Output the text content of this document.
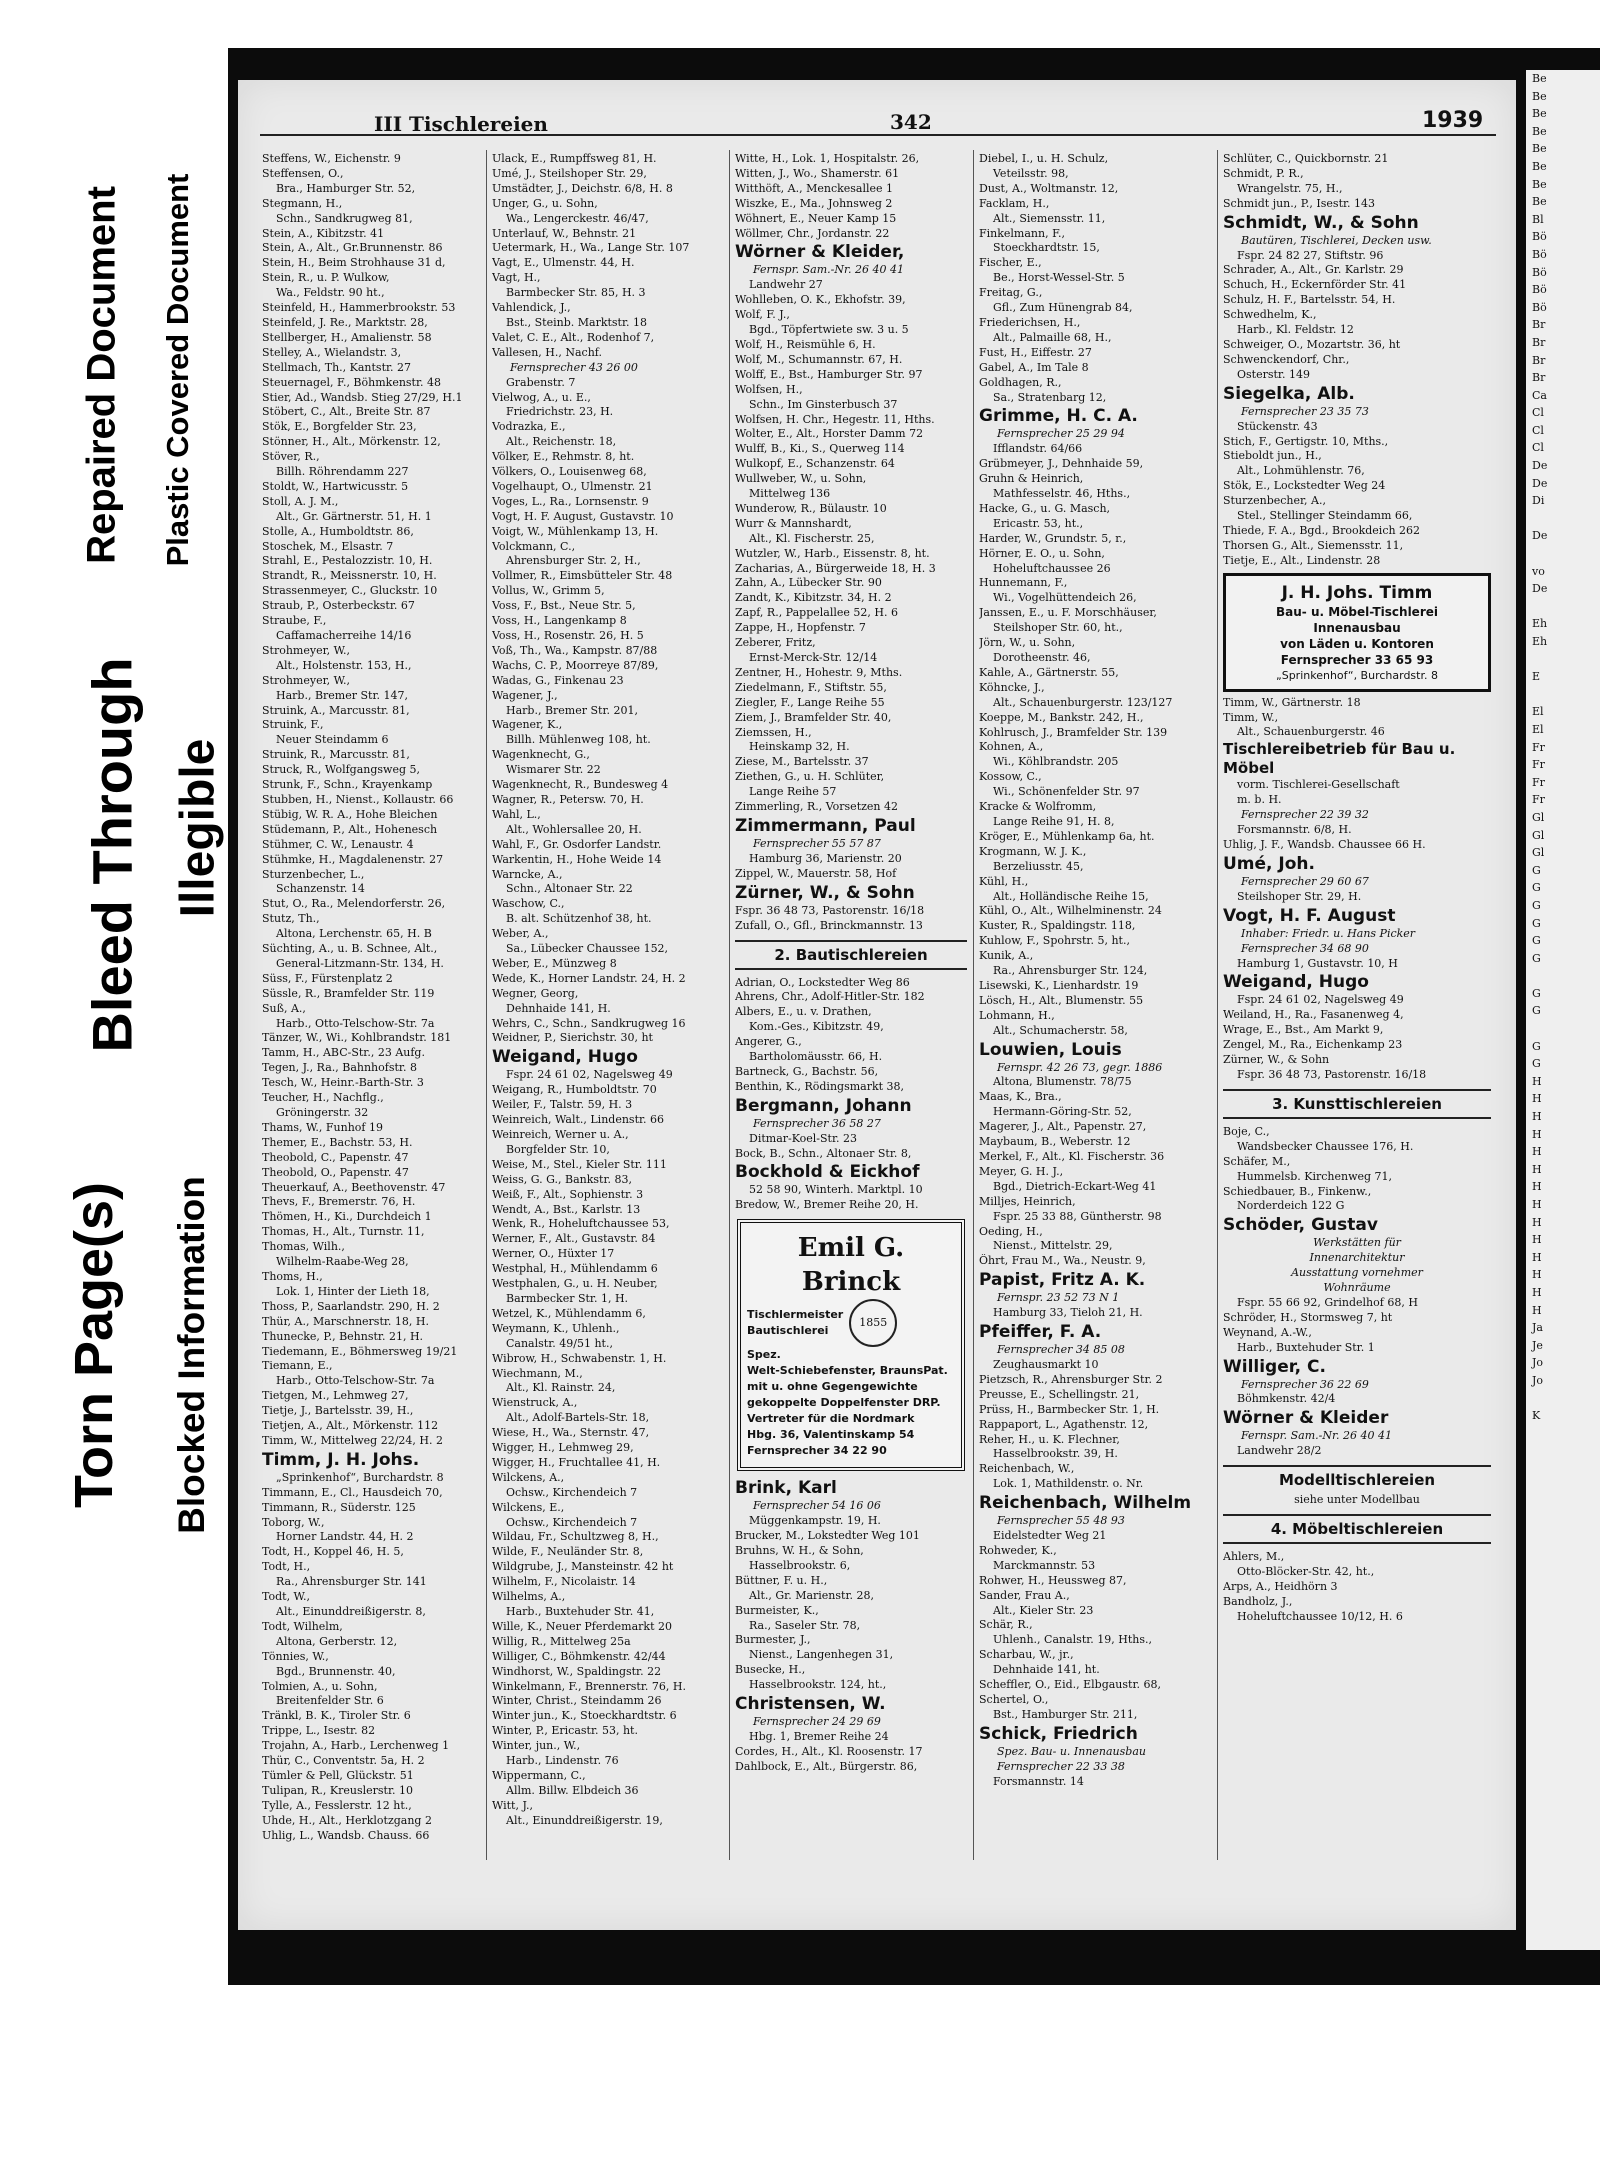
Repaired Document Plastic Covered Document
Bleed Through Illegible
Torn Page(s) Blocked Information
III Tischlereien	342	1939
Steffens, W., Eichenstr. 9
Steffensen, O.,
Bra., Hamburger Str. 52,
Stegmann, H.,
Schn., Sandkrugweg 81,
Stein, A., Kibitzstr. 41
Stein, A., Alt., Gr.Brunnenstr. 86
Stein, H., Beim Strohhause 31 d,
Stein, R., u. P. Wulkow,
Wa., Feldstr. 90 ht.,
Steinfeld, H., Hammerbrookstr. 53
Steinfeld, J. Re., Marktstr. 28,
Stellberger, H., Amalienstr. 58
Stelley, A., Wielandstr. 3,
Stellmach, Th., Kantstr. 27
Steuernagel, F., Böhmkenstr. 48
Stier, Ad., Wandsb. Stieg 27/29, H.1
Stöbert, C., Alt., Breite Str. 87
Stök, E., Borgfelder Str. 23,
Stönner, H., Alt., Mörkenstr. 12,
Stöver, R.,
Billh. Röhrendamm 227
Stoldt, W., Hartwicusstr. 5
Stoll, A. J. M.,
Alt., Gr. Gärtnerstr. 51, H. 1
Stolle, A., Humboldtstr. 86,
Stoschek, M., Elsastr. 7
Strahl, E., Pestalozzistr. 10, H.
Strandt, R., Meissnerstr. 10, H.
Strassenmeyer, C., Gluckstr. 10
Straub, P., Osterbeckstr. 67
Straube, F.,
Caffamacherreihe 14/16
Strohmeyer, W.,
Alt., Holstenstr. 153, H.,
Strohmeyer, W.,
Harb., Bremer Str. 147,
Struink, A., Marcusstr. 81,
Struink, F.,
Neuer Steindamm 6
Struink, R., Marcusstr. 81,
Struck, R., Wolfgangsweg 5,
Strunk, F., Schn., Krayenkamp
Stubben, H., Nienst., Kollaustr. 66
Stübig, W. R. A., Hohe Bleichen
Stüdemann, P., Alt., Hohenesch
Stühmer, C. W., Lenaustr. 4
Stühmke, H., Magdalenenstr. 27
Sturzenbecher, L.,
Schanzenstr. 14
Stut, O., Ra., Melendorferstr. 26,
Stutz, Th.,
Altona, Lerchenstr. 65, H. B
Süchting, A., u. B. Schnee, Alt.,
General-Litzmann-Str. 134, H.
Süss, F., Fürstenplatz 2
Süssle, R., Bramfelder Str. 119
Suß, A.,
Harb., Otto-Telschow-Str. 7a
Tänzer, W., Wi., Kohlbrandstr. 181
Tamm, H., ABC-Str., 23 Aufg.
Tegen, J., Ra., Bahnhofstr. 8
Tesch, W., Heinr.-Barth-Str. 3
Teucher, H., Nachflg.,
Gröningerstr. 32
Thams, W., Funhof 19
Themer, E., Bachstr. 53, H.
Theobold, C., Papenstr. 47
Theobold, O., Papenstr. 47
Theuerkauf, A., Beethovenstr. 47
Thevs, F., Bremerstr. 76, H.
Thömen, H., Ki., Durchdeich 1
Thomas, H., Alt., Turnstr. 11,
Thomas, Wilh.,
Wilhelm-Raabe-Weg 28,
Thoms, H.,
Lok. 1, Hinter der Lieth 18,
Thoss, P., Saarlandstr. 290, H. 2
Thür, A., Marschnerstr. 18, H.
Thunecke, P., Behnstr. 21, H.
Tiedemann, E., Böhmersweg 19/21
Tiemann, E.,
Harb., Otto-Telschow-Str. 7a
Tietgen, M., Lehmweg 27,
Tietje, J., Bartelsstr. 39, H.,
Tietjen, A., Alt., Mörkenstr. 112
Timm, W., Mittelweg 22/24, H. 2
Timm, J. H. Johs.
„Sprinkenhof“, Burchardstr. 8
Timmann, E., Cl., Hausdeich 70,
Timmann, R., Süderstr. 125
Toborg, W.,
Horner Landstr. 44, H. 2
Todt, H., Koppel 46, H. 5,
Todt, H.,
Ra., Ahrensburger Str. 141
Todt, W.,
Alt., Einunddreißigerstr. 8,
Todt, Wilhelm,
Altona, Gerberstr. 12,
Tönnies, W.,
Bgd., Brunnenstr. 40,
Tolmien, A., u. Sohn,
Breitenfelder Str. 6
Tränkl, B. K., Tiroler Str. 6
Trippe, L., Isestr. 82
Trojahn, A., Harb., Lerchenweg 1
Thür, C., Conventstr. 5a, H. 2
Tümler & Pell, Glückstr. 51
Tulipan, R., Kreuslerstr. 10
Tylle, A., Fesslerstr. 12 ht.,
Uhde, H., Alt., Herklotzgang 2
Uhlig, L., Wandsb. Chauss. 66
Ulack, E., Rumpffsweg 81, H.
Umé, J., Steilshoper Str. 29,
Umstädter, J., Deichstr. 6/8, H. 8
Unger, G., u. Sohn,
Wa., Lengerckestr. 46/47,
Unterlauf, W., Behnstr. 21
Uetermark, H., Wa., Lange Str. 107
Vagt, E., Ulmenstr. 44, H.
Vagt, H.,
Barmbecker Str. 85, H. 3
Vahlendick, J.,
Bst., Steinb. Marktstr. 18
Valet, C. E., Alt., Rodenhof 7,
Vallesen, H., Nachf.
Fernsprecher 43 26 00
Grabenstr. 7
Vielwog, A., u. E.,
Friedrichstr. 23, H.
Vodrazka, E.,
Alt., Reichenstr. 18,
Völker, E., Rehmstr. 8, ht.
Völkers, O., Louisenweg 68,
Vogelhaupt, O., Ulmenstr. 21
Voges, L., Ra., Lornsenstr. 9
Vogt, H. F. August, Gustavstr. 10
Voigt, W., Mühlenkamp 13, H.
Volckmann, C.,
Ahrensburger Str. 2, H.,
Vollmer, R., Eimsbütteler Str. 48
Vollus, W., Grimm 5,
Voss, F., Bst., Neue Str. 5,
Voss, H., Langenkamp 8
Voss, H., Rosenstr. 26, H. 5
Voß, Th., Wa., Kampstr. 87/88
Wachs, C. P., Moorreye 87/89,
Wadas, G., Finkenau 23
Wagener, J.,
Harb., Bremer Str. 201,
Wagener, K.,
Billh. Mühlenweg 108, ht.
Wagenknecht, G.,
Wismarer Str. 22
Wagenknecht, R., Bundesweg 4
Wagner, R., Petersw. 70, H.
Wahl, L.,
Alt., Wohlersallee 20, H.
Wahl, F., Gr. Osdorfer Landstr.
Warkentin, H., Hohe Weide 14
Warncke, A.,
Schn., Altonaer Str. 22
Waschow, C.,
B. alt. Schützenhof 38, ht.
Weber, A.,
Sa., Lübecker Chaussee 152,
Weber, E., Münzweg 8
Wede, K., Horner Landstr. 24, H. 2
Wegner, Georg,
Dehnhaide 141, H.
Wehrs, C., Schn., Sandkrugweg 16
Weidner, P., Sierichstr. 30, ht
Weigand, Hugo
Fspr. 24 61 02, Nagelsweg 49
Weigang, R., Humboldtstr. 70
Weiler, F., Talstr. 59, H. 3
Weinreich, Walt., Lindenstr. 66
Weinreich, Werner u. A.,
Borgfelder Str. 10,
Weise, M., Stel., Kieler Str. 111
Weiss, G. G., Bankstr. 83,
Weiß, F., Alt., Sophienstr. 3
Wendt, A., Bst., Karlstr. 13
Wenk, R., Hoheluftchaussee 53,
Werner, F., Alt., Gustavstr. 84
Werner, O., Hüxter 17
Westphal, H., Mühlendamm 6
Westphalen, G., u. H. Neuber,
Barmbecker Str. 1, H.
Wetzel, K., Mühlendamm 6,
Weymann, K., Uhlenh.,
Canalstr. 49/51 ht.,
Wibrow, H., Schwabenstr. 1, H.
Wiechmann, M.,
Alt., Kl. Rainstr. 24,
Wienstruck, A.,
Alt., Adolf-Bartels-Str. 18,
Wiese, H., Wa., Sternstr. 47,
Wigger, H., Lehmweg 29,
Wigger, H., Fruchtallee 41, H.
Wilckens, A.,
Ochsw., Kirchendeich 7
Wilckens, E.,
Ochsw., Kirchendeich 7
Wildau, Fr., Schultzweg 8, H.,
Wilde, F., Neuländer Str. 8,
Wildgrube, J., Mansteinstr. 42 ht
Wilhelm, F., Nicolaistr. 14
Wilhelms, A.,
Harb., Buxtehuder Str. 41,
Wille, K., Neuer Pferdemarkt 20
Willig, R., Mittelweg 25a
Williger, C., Böhmkenstr. 42/44
Windhorst, W., Spaldingstr. 22
Winkelmann, F., Brennerstr. 76, H.
Winter, Christ., Steindamm 26
Winter jun., K., Stoeckhardtstr. 6
Winter, P., Ericastr. 53, ht.
Winter, jun., W.,
Harb., Lindenstr. 76
Wippermann, C.,
Allm. Billw. Elbdeich 36
Witt, J.,
Alt., Einunddreißigerstr. 19,
Witte, H., Lok. 1, Hospitalstr. 26,
Witten, J., Wo., Shamerstr. 61
Witthöft, A., Menckesallee 1
Wiszke, E., Ma., Johnsweg 2
Wöhnert, E., Neuer Kamp 15
Wöllmer, Chr., Jordanstr. 22
Wörner & Kleider,
Fernspr. Sam.-Nr. 26 40 41
Landwehr 27
Wohlleben, O. K., Ekhofstr. 39,
Wolf, F. J.,
Bgd., Töpfertwiete sw. 3 u. 5
Wolf, H., Reismühle 6, H.
Wolf, M., Schumannstr. 67, H.
Wolff, E., Bst., Hamburger Str. 97
Wolfsen, H.,
Schn., Im Ginsterbusch 37
Wolfsen, H. Chr., Hegestr. 11, Hths.
Wolter, E., Alt., Horster Damm 72
Wulff, B., Ki., S., Querweg 114
Wulkopf, E., Schanzenstr. 64
Wullweber, W., u. Sohn,
Mittelweg 136
Wunderow, R., Bülaustr. 10
Wurr & Mannshardt,
Alt., Kl. Fischerstr. 25,
Wutzler, W., Harb., Eissenstr. 8, ht.
Zacharias, A., Bürgerweide 18, H. 3
Zahn, A., Lübecker Str. 90
Zandt, K., Kibitzstr. 34, H. 2
Zapf, R., Pappelallee 52, H. 6
Zappe, H., Hopfenstr. 7
Zeberer, Fritz,
Ernst-Merck-Str. 12/14
Zentner, H., Hohestr. 9, Mths.
Ziedelmann, F., Stiftstr. 55,
Ziegler, F., Lange Reihe 55
Ziem, J., Bramfelder Str. 40,
Ziemssen, H.,
Heinskamp 32, H.
Ziese, M., Bartelsstr. 37
Ziethen, G., u. H. Schlüter,
Lange Reihe 57
Zimmerling, R., Vorsetzen 42
Zimmermann, Paul
Fernsprecher 55 57 87
Hamburg 36, Marienstr. 20
Zippel, W., Mauerstr. 58, Hof
Zürner, W., & Sohn
Fspr. 36 48 73, Pastorenstr. 16/18
Zufall, O., Gfl., Brinckmannstr. 13
2. Bautischlereien
Adrian, O., Lockstedter Weg 86
Ahrens, Chr., Adolf-Hitler-Str. 182
Albers, E., u. v. Drathen,
Kom.-Ges., Kibitzstr. 49,
Angerer, G.,
Bartholomäusstr. 66, H.
Bartneck, G., Bachstr. 56,
Benthin, K., Rödingsmarkt 38,
Bergmann, Johann
Fernsprecher 36 58 27
Ditmar-Koel-Str. 23
Bock, B., Schn., Altonaer Str. 8,
Bockhold & Eickhof
52 58 90, Winterh. Marktpl. 10
Bredow, W., Bremer Reihe 20, H.
Emil G. Brinck
Tischlermeister
Bautischlerei
1855
Spez.
Welt-Schiebefenster, BraunsPat.
mit u. ohne Gegengewichte
gekoppelte Doppelfenster DRP.
Vertreter für die Nordmark
Hbg. 36, Valentinskamp 54
Fernsprecher 34 22 90
Brink, Karl
Fernsprecher 54 16 06
Müggenkampstr. 19, H.
Brucker, M., Lokstedter Weg 101
Bruhns, W. H., & Sohn,
Hasselbrookstr. 6,
Büttner, F. u. H.,
Alt., Gr. Marienstr. 28,
Burmeister, K.,
Ra., Saseler Str. 78,
Burmester, J.,
Nienst., Langenhegen 31,
Busecke, H.,
Hasselbrookstr. 124, ht.,
Christensen, W.
Fernsprecher 24 29 69
Hbg. 1, Bremer Reihe 24
Cordes, H., Alt., Kl. Roosenstr. 17
Dahlbock, E., Alt., Bürgerstr. 86,
Diebel, I., u. H. Schulz,
Veteilsstr. 98,
Dust, A., Woltmanstr. 12,
Facklam, H.,
Alt., Siemensstr. 11,
Finkelmann, F.,
Stoeckhardtstr. 15,
Fischer, E.,
Be., Horst-Wessel-Str. 5
Freitag, G.,
Gfl., Zum Hünengrab 84,
Friederichsen, H.,
Alt., Palmaille 68, H.,
Fust, H., Eiffestr. 27
Gabel, A., Im Tale 8
Goldhagen, R.,
Sa., Stratenbarg 12,
Grimme, H. C. A.
Fernsprecher 25 29 94
Ifflandstr. 64/66
Grübmeyer, J., Dehnhaide 59,
Gruhn & Heinrich,
Mathfesselstr. 46, Hths.,
Hacke, G., u. G. Masch,
Ericastr. 53, ht.,
Harder, W., Grundstr. 5, r.,
Hörner, E. O., u. Sohn,
Hoheluftchaussee 26
Hunnemann, F.,
Wi., Vogelhüttendeich 26,
Janssen, E., u. F. Morschhäuser,
Steilshoper Str. 60, ht.,
Jörn, W., u. Sohn,
Dorotheenstr. 46,
Kahle, A., Gärtnerstr. 55,
Köhncke, J.,
Alt., Schauenburgerstr. 123/127
Koeppe, M., Bankstr. 242, H.,
Kohlrusch, J., Bramfelder Str. 139
Kohnen, A.,
Wi., Köhlbrandstr. 205
Kossow, C.,
Wi., Schönenfelder Str. 97
Kracke & Wolfromm,
Lange Reihe 91, H. 8,
Kröger, E., Mühlenkamp 6a, ht.
Krogmann, W. J. K.,
Berzeliusstr. 45,
Kühl, H.,
Alt., Holländische Reihe 15,
Kühl, O., Alt., Wilhelminenstr. 24
Kuster, R., Spaldingstr. 118,
Kuhlow, F., Spohrstr. 5, ht.,
Kunik, A.,
Ra., Ahrensburger Str. 124,
Lisewski, K., Lienhardstr. 19
Lösch, H., Alt., Blumenstr. 55
Lohmann, H.,
Alt., Schumacherstr. 58,
Louwien, Louis
Fernspr. 42 26 73, gegr. 1886
Altona, Blumenstr. 78/75
Maas, K., Bra.,
Hermann-Göring-Str. 52,
Magerer, J., Alt., Papenstr. 27,
Maybaum, B., Weberstr. 12
Merkel, F., Alt., Kl. Fischerstr. 36
Meyer, G. H. J.,
Bgd., Dietrich-Eckart-Weg 41
Milljes, Heinrich,
Fspr. 25 33 88, Güntherstr. 98
Oeding, H.,
Nienst., Mittelstr. 29,
Öhrt, Frau M., Wa., Neustr. 9,
Papist, Fritz A. K.
Fernspr. 23 52 73 N 1
Hamburg 33, Tieloh 21, H.
Pfeiffer, F. A.
Fernsprecher 34 85 08
Zeughausmarkt 10
Pietzsch, R., Ahrensburger Str. 2
Preusse, E., Schellingstr. 21,
Prüss, H., Barmbecker Str. 1, H.
Rappaport, L., Agathenstr. 12,
Reher, H., u. K. Flechner,
Hasselbrookstr. 39, H.
Reichenbach, W.,
Lok. 1, Mathildenstr. o. Nr.
Reichenbach, Wilhelm
Fernsprecher 55 48 93
Eidelstedter Weg 21
Rohweder, K.,
Marckmannstr. 53
Rohwer, H., Heussweg 87,
Sander, Frau A.,
Alt., Kieler Str. 23
Schär, R.,
Uhlenh., Canalstr. 19, Hths.,
Scharbau, W., jr.,
Dehnhaide 141, ht.
Scheffler, O., Eid., Elbgaustr. 68,
Schertel, O.,
Bst., Hamburger Str. 211,
Schick, Friedrich
Spez. Bau- u. Innenausbau
Fernsprecher 22 33 38
Forsmannstr. 14
Schlüter, C., Quickbornstr. 21
Schmidt, P. R.,
Wrangelstr. 75, H.,
Schmidt jun., P., Isestr. 143
Schmidt, W., & Sohn
Bautüren, Tischlerei, Decken usw.
Fspr. 24 82 27, Stiftstr. 96
Schrader, A., Alt., Gr. Karlstr. 29
Schuch, H., Eckernförder Str. 41
Schulz, H. F., Bartelsstr. 54, H.
Schwedhelm, K.,
Harb., Kl. Feldstr. 12
Schweiger, O., Mozartstr. 36, ht
Schwenckendorf, Chr.,
Osterstr. 149
Siegelka, Alb.
Fernsprecher 23 35 73
Stückenstr. 43
Stich, F., Gertigstr. 10, Mths.,
Stieboldt jun., H.,
Alt., Lohmühlenstr. 76,
Stök, E., Lockstedter Weg 24
Sturzenbecher, A.,
Stel., Stellinger Steindamm 66,
Thiede, F. A., Bgd., Brookdeich 262
Thorsen G., Alt., Siemensstr. 11,
Tietje, E., Alt., Lindenstr. 28
J. H. Johs. Timm
Bau- u. Möbel-Tischlerei
Innenausbau
von Läden u. Kontoren
Fernsprecher 33 65 93
„Sprinkenhof“, Burchardstr. 8
Timm, W., Gärtnerstr. 18
Timm, W.,
Alt., Schauenburgerstr. 46
Tischlereibetrieb für Bau u. Möbel
vorm. Tischlerei-Gesellschaft
m. b. H.
Fernsprecher 22 39 32
Forsmannstr. 6/8, H.
Uhlig, J. F., Wandsb. Chaussee 66 H.
Umé, Joh.
Fernsprecher 29 60 67
Steilshoper Str. 29, H.
Vogt, H. F. August
Inhaber: Friedr. u. Hans Picker
Fernsprecher 34 68 90
Hamburg 1, Gustavstr. 10, H
Weigand, Hugo
Fspr. 24 61 02, Nagelsweg 49
Weiland, H., Ra., Fasanenweg 4,
Wrage, E., Bst., Am Markt 9,
Zengel, M., Ra., Eichenkamp 23
Zürner, W., & Sohn
Fspr. 36 48 73, Pastorenstr. 16/18
3. Kunsttischlereien
Boje, C.,
Wandsbecker Chaussee 176, H.
Schäfer, M.,
Hummelsb. Kirchenweg 71,
Schiedbauer, B., Finkenw.,
Norderdeich 122 G
Schöder, Gustav
Werkstätten für
Innenarchitektur
Ausstattung vornehmer
Wohnräume
Fspr. 55 66 92, Grindelhof 68, H
Schröder, H., Stormsweg 7, ht
Weynand, A.-W.,
Harb., Buxtehuder Str. 1
Williger, C.
Fernsprecher 36 22 69
Böhmkenstr. 42/4
Wörner & Kleider
Fernspr. Sam.-Nr. 26 40 41
Landwehr 28/2
Modelltischlereien
siehe unter Modellbau
4. Möbeltischlereien
Ahlers, M.,
Otto-Blöcker-Str. 42, ht.,
Arps, A., Heidhörn 3
Bandholz, J.,
Hoheluftchaussee 10/12, H. 6
Be
Be
Be
Be
Be
Be
Be
Be
Bl
Bö
Bö
Bö
Bö
Bö
Br
Br
Br
Br
Ca
Cl
Cl
Cl
De
De
Di

De

vo
De

Eh
Eh

E

El
El
Fr
Fr
Fr
Fr
Gl
Gl
Gl
G
G
G
G
G
G

G
G

G
G
H
H
H
H
H
H
H
H
H
H
H
H
H
H
Ja
Je
Jo
Jo

K
